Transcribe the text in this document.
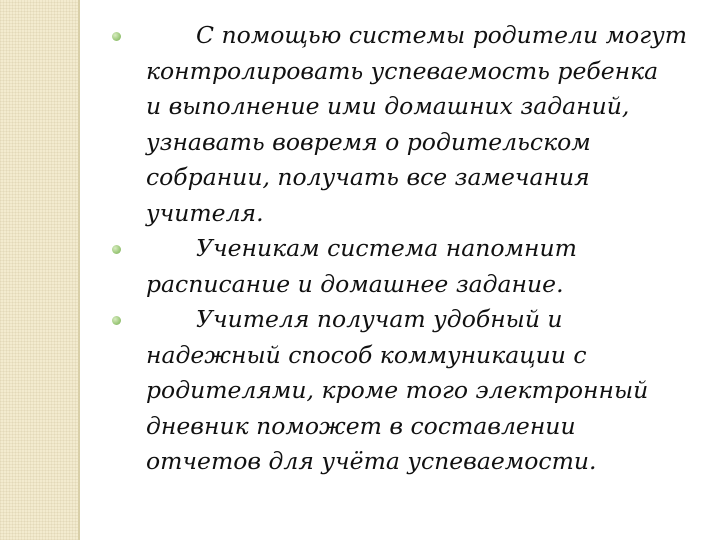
С помощью системы родители могут
контролировать успеваемость ребенка
и выполнение ими домашних заданий,
узнавать вовремя о родительском
собрании, получать все замечания
учителя.
Ученикам система напомнит
расписание и домашнее задание.
Учителя получат удобный и
надежный способ коммуникации с
родителями, кроме того электронный
дневник поможет в составлении
отчетов для учёта успеваемости.
